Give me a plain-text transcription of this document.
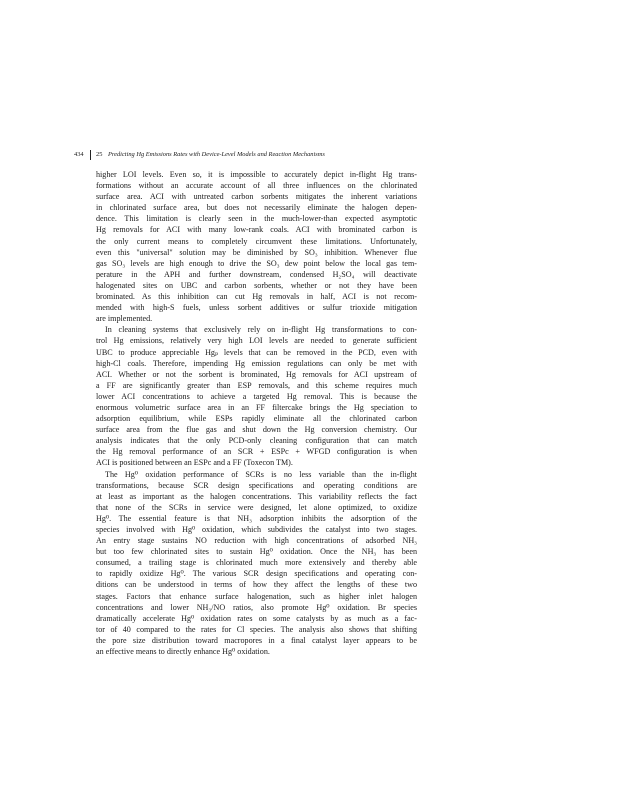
434 25 Predicting Hg Emissions Rates with Device-Level Models and Reaction Mechanisms
higher LOI levels. Even so, it is impossible to accurately depict in-flight Hg trans-
formations without an accurate account of all three influences on the chlorinated
surface area. ACI with untreated carbon sorbents mitigates the inherent variations
in chlorinated surface area, but does not necessarily eliminate the halogen depen-
dence. This limitation is clearly seen in the much-lower-than expected asymptotic
Hg removals for ACI with many low-rank coals. ACI with brominated carbon is
the only current means to completely circumvent these limitations. Unfortunately,
even this "universal" solution may be diminished by SO₃ inhibition. Whenever flue
gas SO₃ levels are high enough to drive the SO₃ dew point below the local gas tem-
perature in the APH and further downstream, condensed H₂SO₄ will deactivate
halogenated sites on UBC and carbon sorbents, whether or not they have been
brominated. As this inhibition can cut Hg removals in half, ACI is not recom-
mended with high-S fuels, unless sorbent additives or sulfur trioxide mitigation
are implemented.
In cleaning systems that exclusively rely on in-flight Hg transformations to con-
trol Hg emissions, relatively very high LOI levels are needed to generate sufficient
UBC to produce appreciable Hgₚ levels that can be removed in the PCD, even with
high-Cl coals. Therefore, impending Hg emission regulations can only be met with
ACI. Whether or not the sorbent is brominated, Hg removals for ACI upstream of
a FF are significantly greater than ESP removals, and this scheme requires much
lower ACI concentrations to achieve a targeted Hg removal. This is because the
enormous volumetric surface area in an FF filtercake brings the Hg speciation to
adsorption equilibrium, while ESPs rapidly eliminate all the chlorinated carbon
surface area from the flue gas and shut down the Hg conversion chemistry. Our
analysis indicates that the only PCD-only cleaning configuration that can match
the Hg removal performance of an SCR + ESPc + WFGD configuration is when
ACI is positioned between an ESPc and a FF (Toxecon TM).
The Hg⁰ oxidation performance of SCRs is no less variable than the in-flight
transformations, because SCR design specifications and operating conditions are
at least as important as the halogen concentrations. This variability reflects the fact
that none of the SCRs in service were designed, let alone optimized, to oxidize
Hg⁰. The essential feature is that NH₃ adsorption inhibits the adsorption of the
species involved with Hg⁰ oxidation, which subdivides the catalyst into two stages.
An entry stage sustains NO reduction with high concentrations of adsorbed NH₃
but too few chlorinated sites to sustain Hg⁰ oxidation. Once the NH₃ has been
consumed, a trailing stage is chlorinated much more extensively and thereby able
to rapidly oxidize Hg⁰. The various SCR design specifications and operating con-
ditions can be understood in terms of how they affect the lengths of these two
stages. Factors that enhance surface halogenation, such as higher inlet halogen
concentrations and lower NH₃/NO ratios, also promote Hg⁰ oxidation. Br species
dramatically accelerate Hg⁰ oxidation rates on some catalysts by as much as a fac-
tor of 40 compared to the rates for Cl species. The analysis also shows that shifting
the pore size distribution toward macropores in a final catalyst layer appears to be
an effective means to directly enhance Hg⁰ oxidation.
